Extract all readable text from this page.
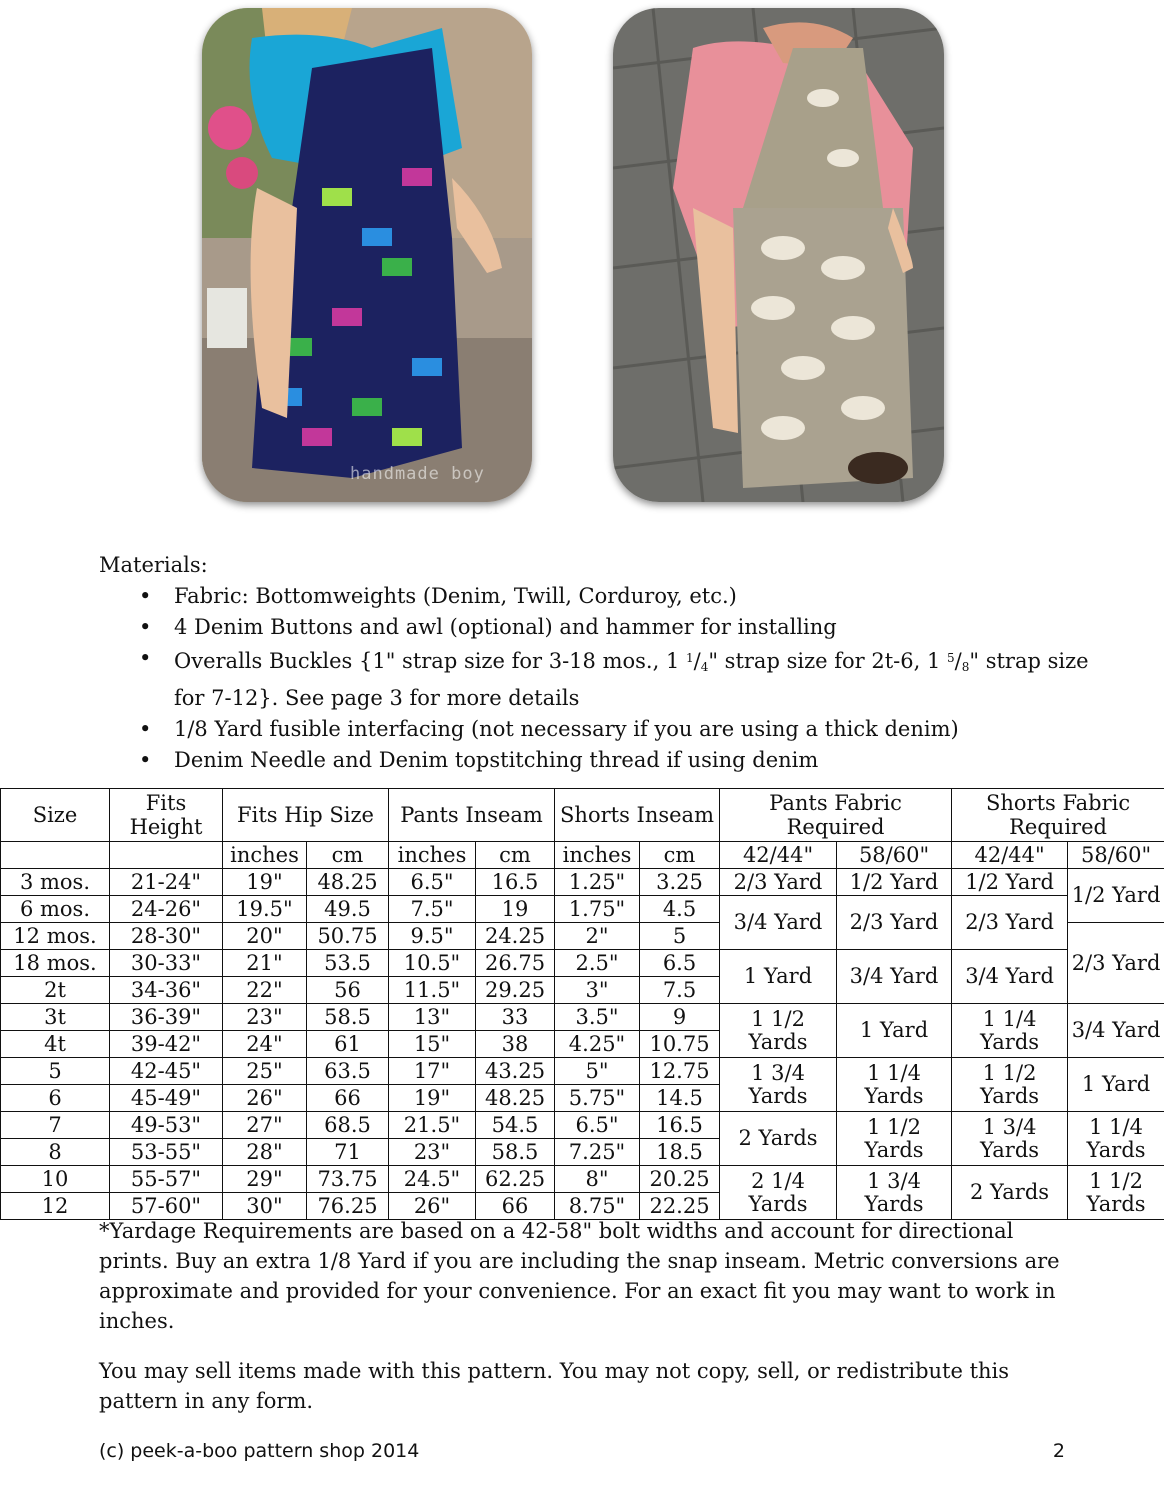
handmade boy
Materials:
• Fabric: Bottomweights (Denim, Twill, Corduroy, etc.)
• 4 Denim Buttons and awl (optional) and hammer for installing
• Overalls Buckles {1" strap size for 3-18 mos., 1 $^1/_4$" strap size for 2t-6, 1 $^5/_8$" strap size for 7-12}. See page 3 for more details
• 1/8 Yard fusible interfacing (not necessary if you are using a thick denim)
• Denim Needle and Denim topstitching thread if using denim
Size	Fits Height	Fits Hip Size		Pants Inseam		Shorts Inseam		Pants Fabric Required		Shorts Fabric Required	
		inches	cm	inches	cm	inches	cm	42/44"	58/60"	42/44"	58/60"
3 mos.	21-24"	19"	48.25	6.5"	16.5	1.25"	3.25	2/3 Yard	1/2 Yard	1/2 Yard	1/2 Yard
6 mos.	24-26"	19.5"	49.5	7.5"	19	1.75"	4.5	3/4 Yard	2/3 Yard	2/3 Yard	
12 mos.	28-30"	20"	50.75	9.5"	24.25	2"	5				2/3 Yard
18 mos.	30-33"	21"	53.5	10.5"	26.75	2.5"	6.5	1 Yard	3/4 Yard	3/4 Yard	
2t	34-36"	22"	56	11.5"	29.25	3"	7.5				
3t	36-39"	23"	58.5	13"	33	3.5"	9	1 1/2 Yards	1 Yard	1 1/4 Yards	3/4 Yard
4t	39-42"	24"	61	15"	38	4.25"	10.75				
5	42-45"	25"	63.5	17"	43.25	5"	12.75	1 3/4 Yards	1 1/4 Yards	1 1/2 Yards	1 Yard
6	45-49"	26"	66	19"	48.25	5.75"	14.5				
7	49-53"	27"	68.5	21.5"	54.5	6.5"	16.5	2 Yards	1 1/2 Yards	1 3/4 Yards	1 1/4 Yards
8	53-55"	28"	71	23"	58.5	7.25"	18.5				
10	55-57"	29"	73.75	24.5"	62.25	8"	20.25	2 1/4 Yards	1 3/4 Yards	2 Yards	1 1/2 Yards
12	57-60"	30"	76.25	26"	66	8.75"	22.25				

*Yardage Requirements are based on a 42-58" bolt widths and account for directional prints. Buy an extra 1/8 Yard if you are including the snap inseam. Metric conversions are approximate and provided for your convenience. For an exact fit you may want to work in inches.

You may sell items made with this pattern. You may not copy, sell, or redistribute this pattern in any form.

(c) peek-a-boo pattern shop 2014	2
